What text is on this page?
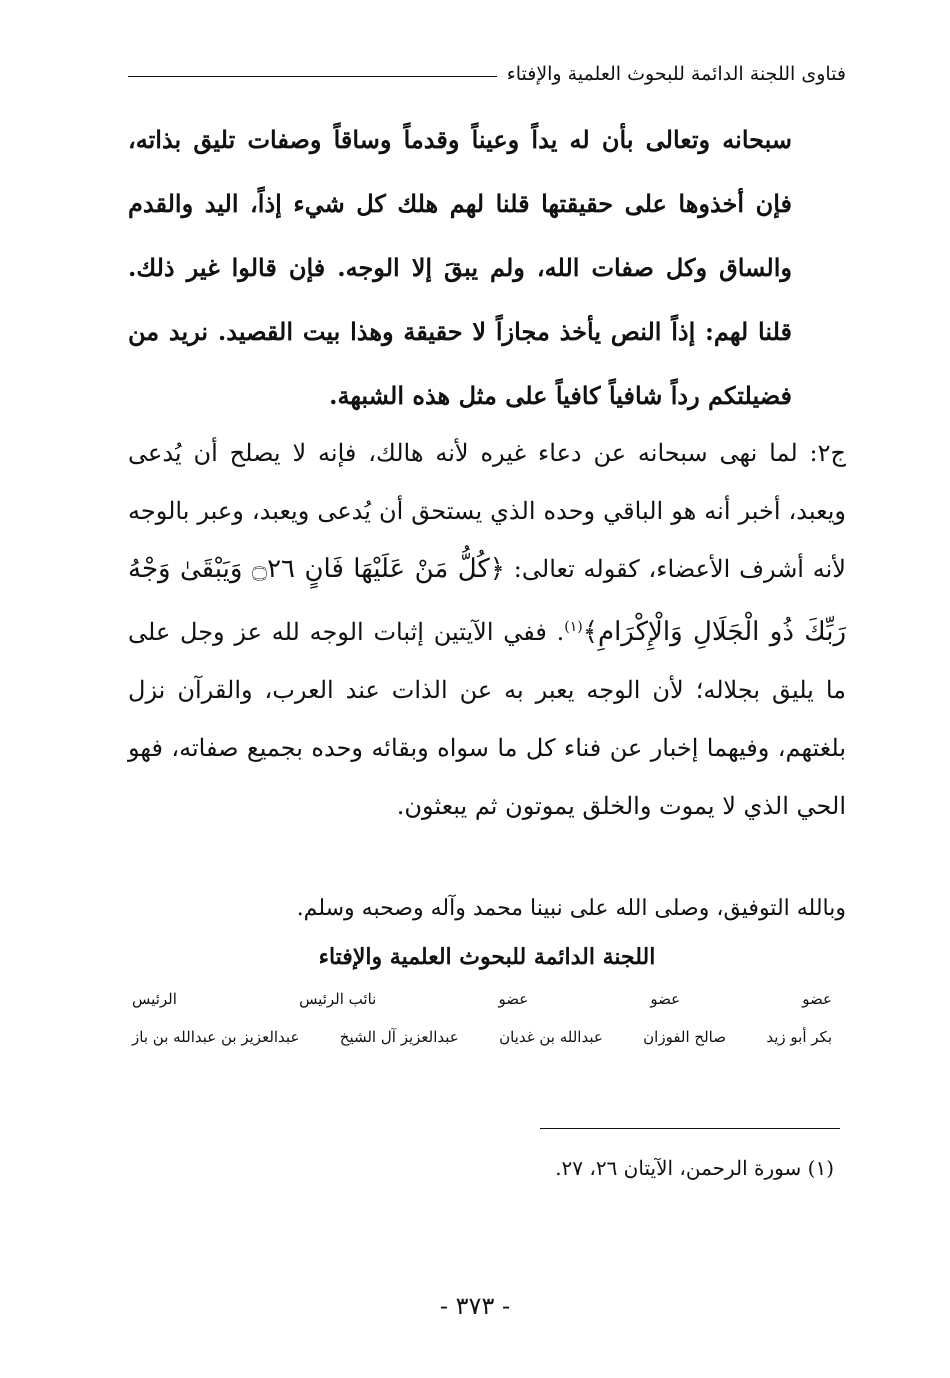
فتاوى اللجنة الدائمة للبحوث العلمية والإفتاء
سبحانه وتعالى بأن له يداً وعيناً وقدماً وساقاً وصفات تليق بذاته، فإن أخذوها على حقيقتها قلنا لهم هلك كل شيء إذاً، اليد والقدم والساق وكل صفات الله، ولم يبقَ إلا الوجه. فإن قالوا غير ذلك. قلنا لهم: إذاً النص يأخذ مجازاً لا حقيقة وهذا بيت القصيد. نريد من فضيلتكم رداً شافياً كافياً على مثل هذه الشبهة.
ج٢: لما نهى سبحانه عن دعاء غيره لأنه هالك، فإنه لا يصلح أن يُدعى ويعبد، أخبر أنه هو الباقي وحده الذي يستحق أن يُدعى ويعبد، وعبر بالوجه لأنه أشرف الأعضاء، كقوله تعالى: ﴿كُلُّ مَنْ عَلَيْهَا فَانٍ ۝٢٦ وَيَبْقَىٰ وَجْهُ رَبِّكَ ذُو الْجَلَالِ وَالْإِكْرَامِ﴾$^{(١)}$. ففي الآيتين إثبات الوجه لله عز وجل على ما يليق بجلاله؛ لأن الوجه يعبر به عن الذات عند العرب، والقرآن نزل بلغتهم، وفيهما إخبار عن فناء كل ما سواه وبقائه وحده بجميع صفاته، فهو الحي الذي لا يموت والخلق يموتون ثم يبعثون.
وبالله التوفيق، وصلى الله على نبينا محمد وآله وصحبه وسلم.
اللجنة الدائمة للبحوث العلمية والإفتاء
عضو
عضو
عضو
نائب الرئيس
الرئيس
بكر أبو زيد
صالح الفوزان
عبدالله بن غديان
عبدالعزيز آل الشيخ
عبدالعزيز بن عبدالله بن باز
(١) سورة الرحمن، الآيتان ٢٦، ٢٧.
- ٣٧٣ -
